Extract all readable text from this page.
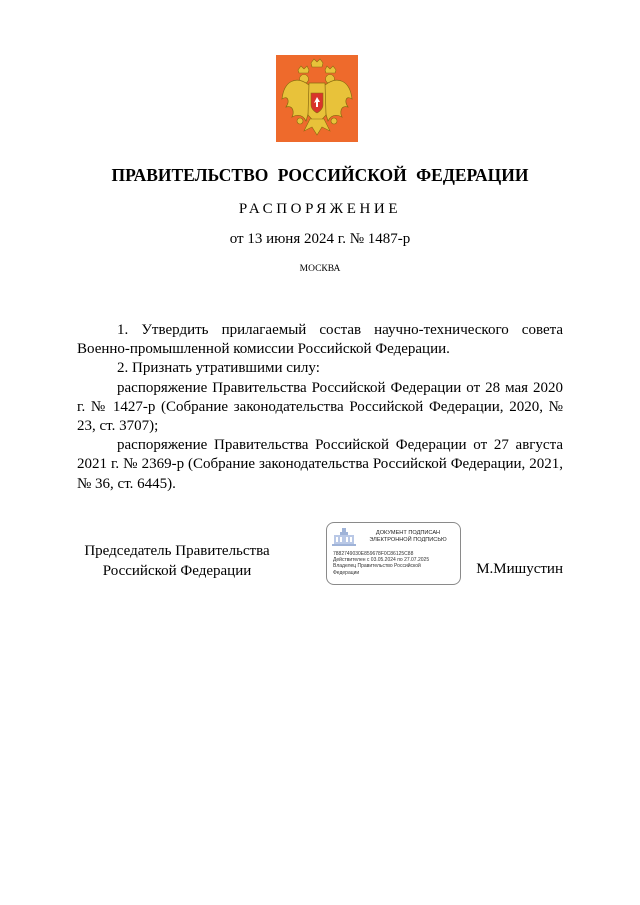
ПРАВИТЕЛЬСТВО РОССИЙСКОЙ ФЕДЕРАЦИИ
РАСПОРЯЖЕНИЕ
от 13 июня 2024 г. № 1487-р
МОСКВА

1. Утвердить прилагаемый состав научно-технического совета Военно-промышленной комиссии Российской Федерации.

2. Признать утратившими силу:

распоряжение Правительства Российской Федерации от 28 мая 2020 г. № 1427-р (Собрание законодательства Российской Федерации, 2020, № 23, ст. 3707);

распоряжение Правительства Российской Федерации от 27 августа 2021 г. № 2369-р (Собрание законодательства Российской Федерации, 2021, № 36, ст. 6445).

Председатель Правительства
Российской Федерации
ДОКУМЕНТ ПОДПИСАН
ЭЛЕКТРОННОЙ ПОДПИСЬЮ
7882749030E859678F0C86125C88
Действителен с 03.05.2024 по 27.07.2025
Владелец Правительство Российской
Федерации	М.Мишустин
